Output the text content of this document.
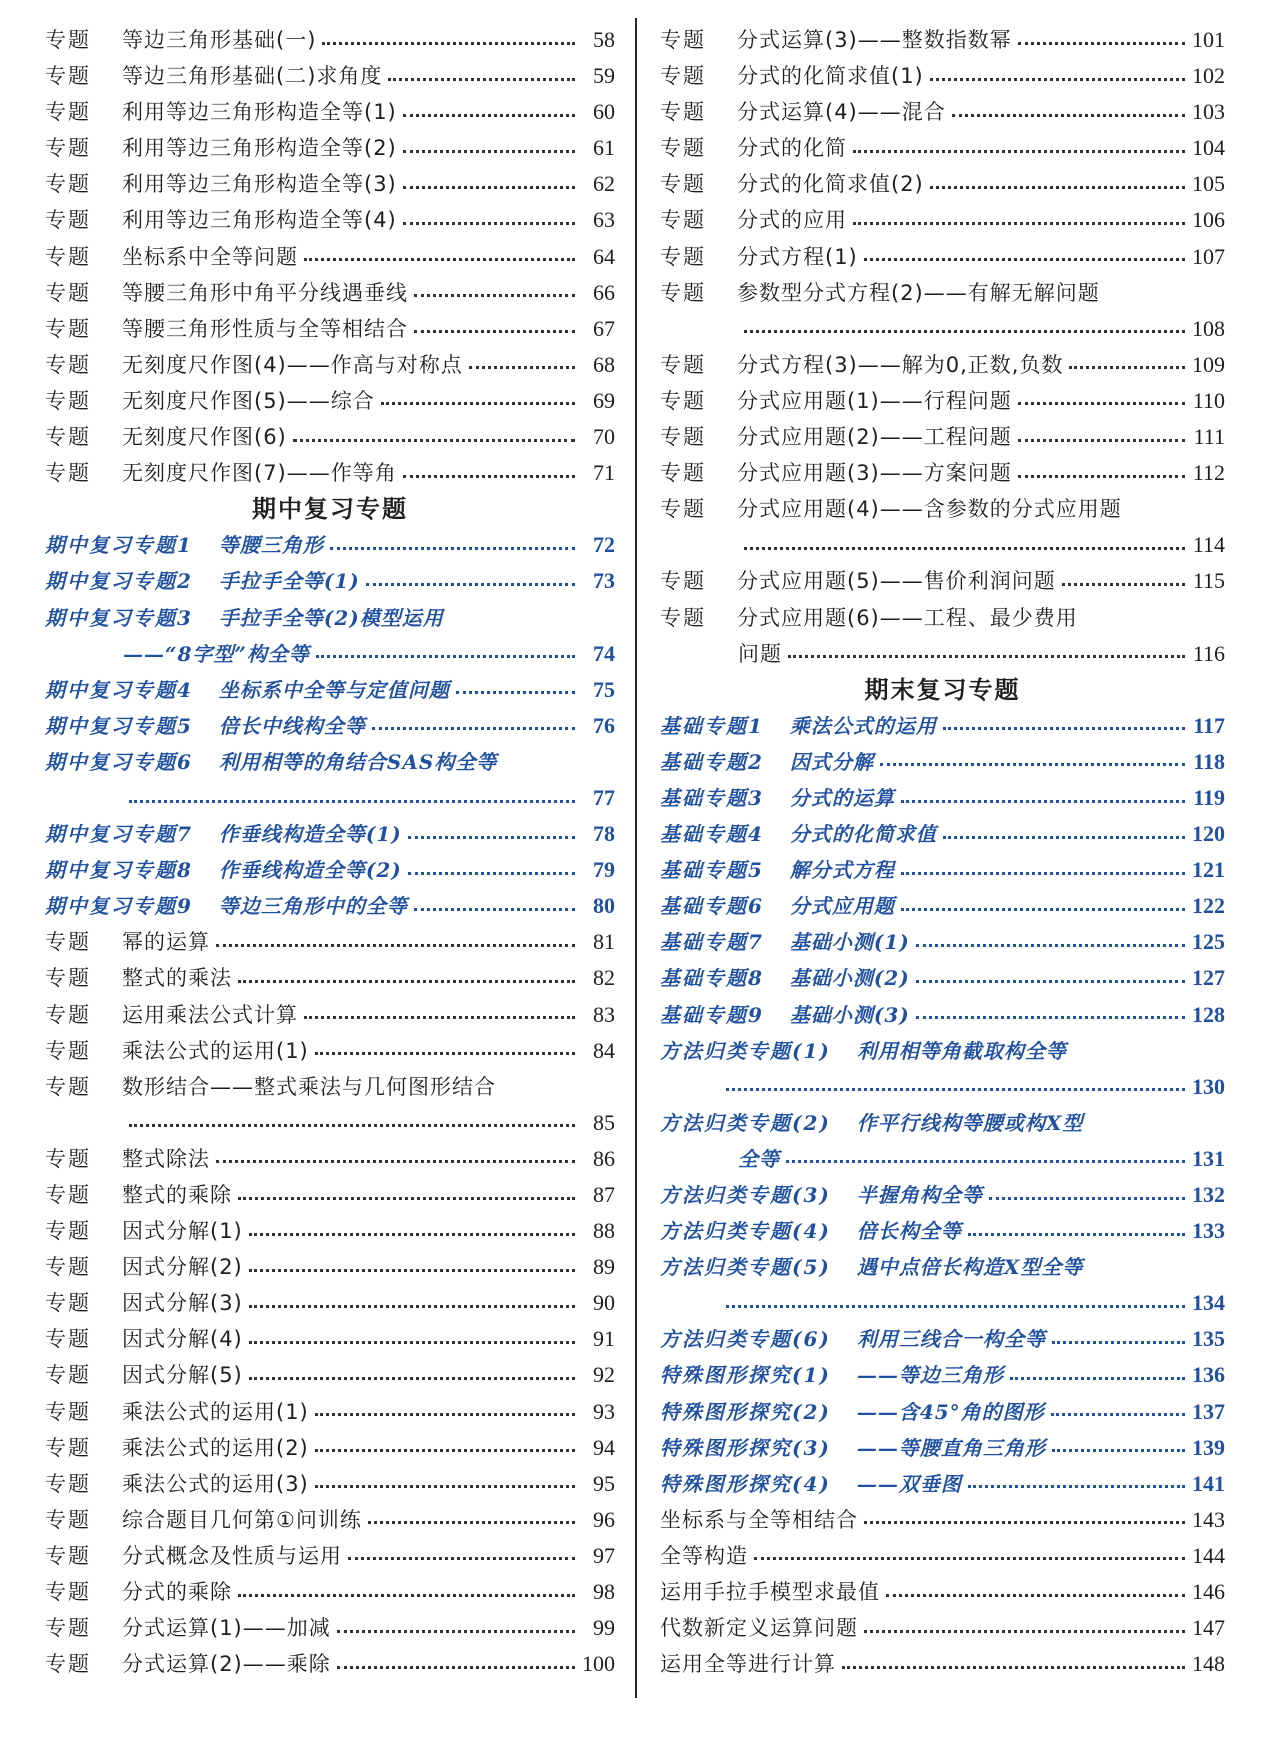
专题	等边三角形基础(一)	58
专题	等边三角形基础(二)求角度	59
专题	利用等边三角形构造全等(1)	60
专题	利用等边三角形构造全等(2)	61
专题	利用等边三角形构造全等(3)	62
专题	利用等边三角形构造全等(4)	63
专题	坐标系中全等问题	64
专题	等腰三角形中角平分线遇垂线	66
专题	等腰三角形性质与全等相结合	67
专题	无刻度尺作图(4)——作高与对称点	68
专题	无刻度尺作图(5)——综合	69
专题	无刻度尺作图(6)	70
专题	无刻度尺作图(7)——作等角	71
期中复习专题
期中复习专题1 等腰三角形	72
期中复习专题2 手拉手全等(1)	73
期中复习专题3 手拉手全等(2)模型运用
——“8字型”构全等	74
期中复习专题4 坐标系中全等与定值问题	75
期中复习专题5 倍长中线构全等	76
期中复习专题6 利用相等的角结合SAS构全等
77
期中复习专题7 作垂线构造全等(1)	78
期中复习专题8 作垂线构造全等(2)	79
期中复习专题9 等边三角形中的全等	80
专题	幂的运算	81
专题	整式的乘法	82
专题	运用乘法公式计算	83
专题	乘法公式的运用(1)	84
专题	数形结合——整式乘法与几何图形结合
85
专题	整式除法	86
专题	整式的乘除	87
专题	因式分解(1)	88
专题	因式分解(2)	89
专题	因式分解(3)	90
专题	因式分解(4)	91
专题	因式分解(5)	92
专题	乘法公式的运用(1)	93
专题	乘法公式的运用(2)	94
专题	乘法公式的运用(3)	95
专题	综合题目几何第①问训练	96
专题	分式概念及性质与运用	97
专题	分式的乘除	98
专题	分式运算(1)——加减	99
专题	分式运算(2)——乘除	100
专题	分式运算(3)——整数指数幂	101
专题	分式的化简求值(1)	102
专题	分式运算(4)——混合	103
专题	分式的化简	104
专题	分式的化简求值(2)	105
专题	分式的应用	106
专题	分式方程(1)	107
专题	参数型分式方程(2)——有解无解问题
108
专题	分式方程(3)——解为0,正数,负数	109
专题	分式应用题(1)——行程问题	110
专题	分式应用题(2)——工程问题	111
专题	分式应用题(3)——方案问题	112
专题	分式应用题(4)——含参数的分式应用题
114
专题	分式应用题(5)——售价利润问题	115
专题	分式应用题(6)——工程、最少费用
问题	116
期末复习专题
基础专题1 乘法公式的运用	117
基础专题2 因式分解	118
基础专题3 分式的运算	119
基础专题4 分式的化简求值	120
基础专题5 解分式方程	121
基础专题6 分式应用题	122
基础专题7 基础小测(1)	125
基础专题8 基础小测(2)	127
基础专题9 基础小测(3)	128
方法归类专题(1) 利用相等角截取构全等
130
方法归类专题(2) 作平行线构等腰或构X型
全等	131
方法归类专题(3) 半握角构全等	132
方法归类专题(4) 倍长构全等	133
方法归类专题(5) 遇中点倍长构造X型全等
134
方法归类专题(6) 利用三线合一构全等	135
特殊图形探究(1) ——等边三角形	136
特殊图形探究(2) ——含45°角的图形	137
特殊图形探究(3) ——等腰直角三角形	139
特殊图形探究(4) ——双垂图	141
坐标系与全等相结合	143
全等构造	144
运用手拉手模型求最值	146
代数新定义运算问题	147
运用全等进行计算	148
